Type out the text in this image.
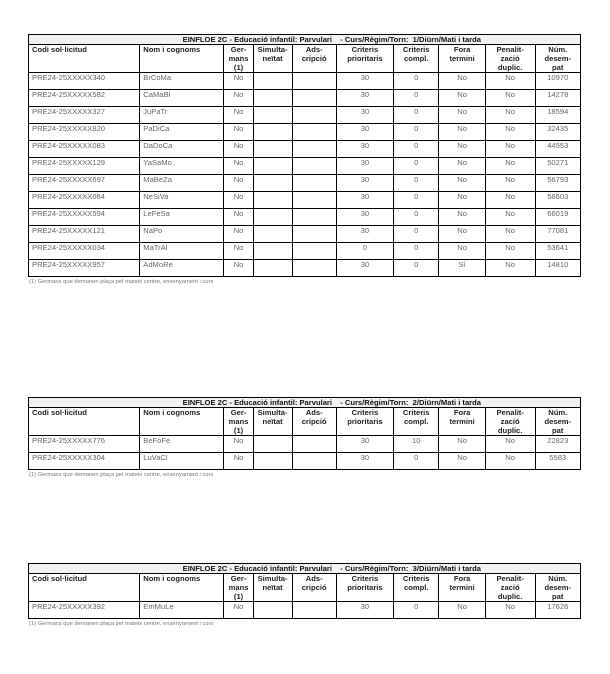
EINFLOE 2C - Educació infantil: Parvulari - Curs/Règim/Torn:  1/Diürn/Mati i tarda									

Codi sol·licitud	Nom i cognoms	Ger-
mans
(1)	Simulta-
neïtat	Ads-
cripció	Criteris
prioritaris	Criteris
compl.	Fora
termini	Penalit-
zació
duplic.	Núm.
desem-
pat
PRE24-25XXXXX340	BrCoMa	No			30	0	No	No	10970
PRE24-25XXXXX582	CaMaBl	No			30	0	No	No	14278
PRE24-25XXXXX327	JuPaTr	No			30	0	No	No	18594
PRE24-25XXXXX820	PaDiCa	No			30	0	No	No	32435
PRE24-25XXXXX083	DaDoCa	No			30	0	No	No	44553
PRE24-25XXXXX129	YaSaMo	No			30	0	No	No	50271
PRE24-25XXXXX697	MaBeZa	No			30	0	No	No	56793
PRE24-25XXXXX084	NeSiVa	No			30	0	No	No	58603
PRE24-25XXXXX594	LeFeSa	No			30	0	No	No	66019
PRE24-25XXXXX121	NaPo	No			30	0	No	No	77081
PRE24-25XXXXX034	MaTrAl	No			0	0	No	No	53641
PRE24-25XXXXX957	AdMoRe	No			30	0	Sí	No	14810
(1) Germans que demanen plaça pel mateix centre, ensenyament i curs
EINFLOE 2C - Educació infantil: Parvulari - Curs/Règim/Torn:  2/Diürn/Mati i tarda									

Codi sol·licitud	Nom i cognoms	Ger-
mans
(1)	Simulta-
neïtat	Ads-
cripció	Criteris
prioritaris	Criteris
compl.	Fora
termini	Penalit-
zació
duplic.	Núm.
desem-
pat
PRE24-25XXXXX776	BeFoFe	No			30	10	No	No	22823
PRE24-25XXXXX304	LuVaCl	No			30	0	No	No	5583
(1) Germans que demanen plaça pel mateix centre, ensenyament i curs
EINFLOE 2C - Educació infantil: Parvulari - Curs/Règim/Torn:  3/Diürn/Mati i tarda									

Codi sol·licitud	Nom i cognoms	Ger-
mans
(1)	Simulta-
neïtat	Ads-
cripció	Criteris
prioritaris	Criteris
compl.	Fora
termini	Penalit-
zació
duplic.	Núm.
desem-
pat
PRE24-25XXXXX392	EmMuLe	No			30	0	No	No	17626
(1) Germans que demanen plaça pel mateix centre, ensenyament i curs
